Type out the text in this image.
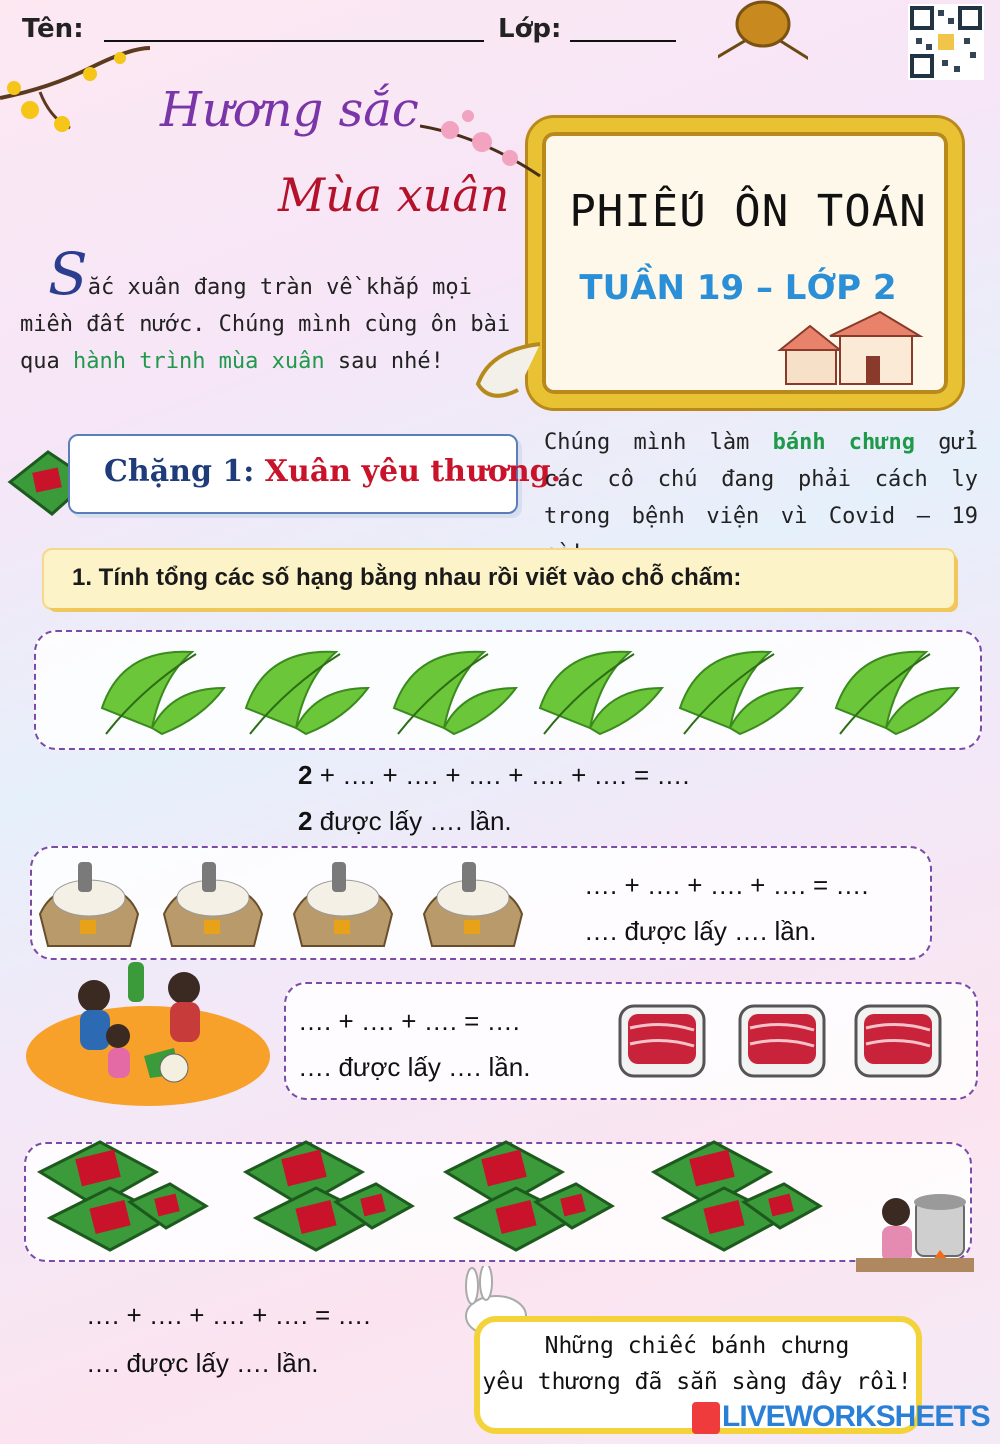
Tên:	Lớp:
Hương sắc
Mùa xuân
Sắc xuân đang tràn về khắp mọi miền đất nước. Chúng mình cùng ôn bài qua hành trình mùa xuân sau nhé!
PHIẾU ÔN TOÁN
TUẦN 19 – LỚP 2
Chặng 1: Xuân yêu thương.
Chúng mình làm bánh chưng gửi các cô chú đang phải cách ly trong bệnh viện vì Covid – 19
1. Tính tổng các số hạng bằng nhau rồi viết vào chỗ chấm:
2 + …. + …. + …. + …. + …. = ….
2 được lấy …. lần.
…. + …. + …. + …. = ….
…. được lấy …. lần.
…. + …. + …. = ….
…. được lấy …. lần.
…. + …. + …. + …. = ….
…. được lấy …. lần.
Những chiếc bánh chưng
yêu thương đã sẵn sàng đây rồi!
LIVEWORKSHEETS
